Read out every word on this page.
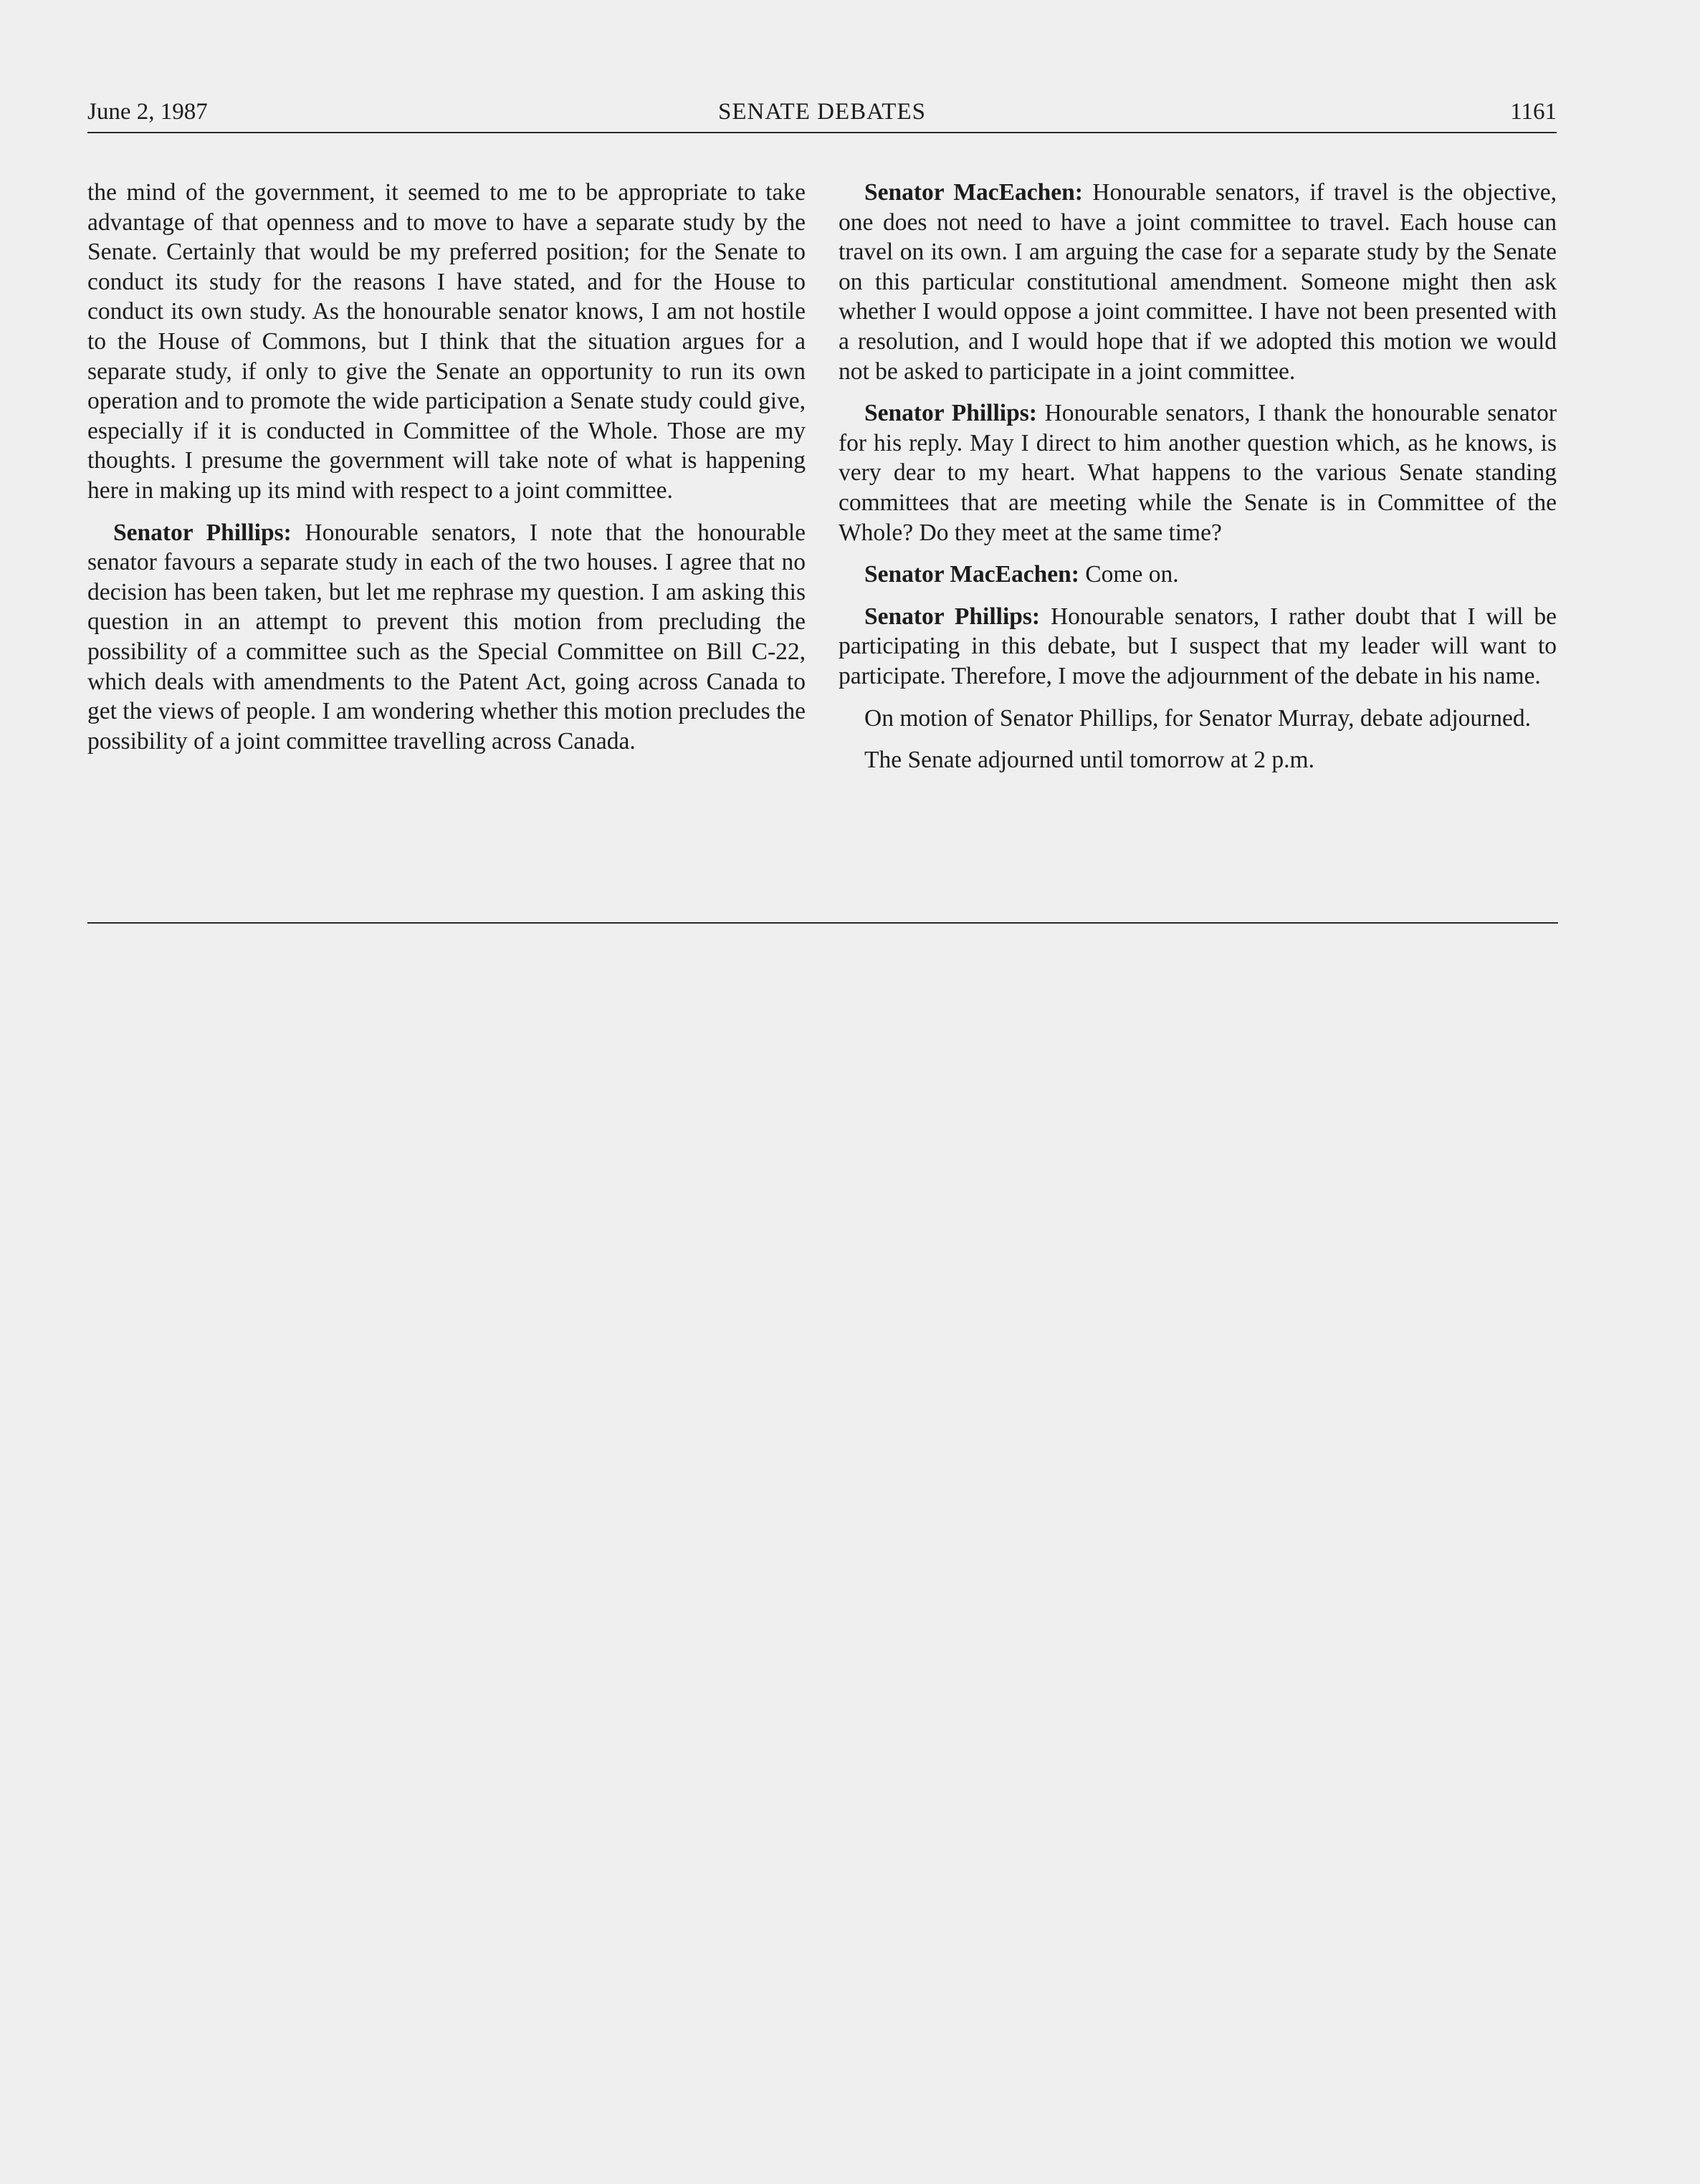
June 2, 1987	SENATE DEBATES	1161

the mind of the government, it seemed to me to be appropriate to take advantage of that openness and to move to have a separate study by the Senate. Certainly that would be my preferred position; for the Senate to conduct its study for the reasons I have stated, and for the House to conduct its own study. As the honourable senator knows, I am not hostile to the House of Commons, but I think that the situation argues for a separate study, if only to give the Senate an opportunity to run its own operation and to promote the wide participation a Senate study could give, especially if it is conducted in Committee of the Whole. Those are my thoughts. I presume the government will take note of what is happening here in making up its mind with respect to a joint committee.

Senator Phillips: Honourable senators, I note that the honourable senator favours a separate study in each of the two houses. I agree that no decision has been taken, but let me rephrase my question. I am asking this question in an attempt to prevent this motion from precluding the possibility of a committee such as the Special Committee on Bill C-22, which deals with amendments to the Patent Act, going across Canada to get the views of people. I am wondering whether this motion precludes the possibility of a joint committee travelling across Canada.

Senator MacEachen: Honourable senators, if travel is the objective, one does not need to have a joint committee to travel. Each house can travel on its own. I am arguing the case for a separate study by the Senate on this particular constitutional amendment. Someone might then ask whether I would oppose a joint committee. I have not been presented with a resolution, and I would hope that if we adopted this motion we would not be asked to participate in a joint committee.

Senator Phillips: Honourable senators, I thank the honourable senator for his reply. May I direct to him another question which, as he knows, is very dear to my heart. What happens to the various Senate standing committees that are meeting while the Senate is in Committee of the Whole? Do they meet at the same time?

Senator MacEachen: Come on.

Senator Phillips: Honourable senators, I rather doubt that I will be participating in this debate, but I suspect that my leader will want to participate. Therefore, I move the adjournment of the debate in his name.

On motion of Senator Phillips, for Senator Murray, debate adjourned.

The Senate adjourned until tomorrow at 2 p.m.
